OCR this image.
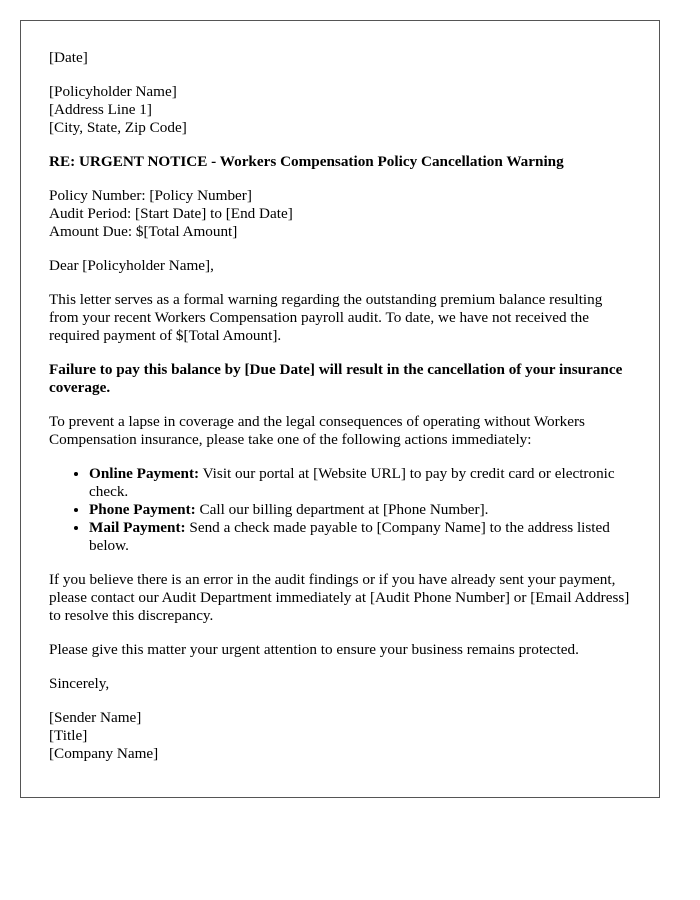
[Date]
[Policyholder Name]
[Address Line 1]
[City, State, Zip Code]
RE: URGENT NOTICE - Workers Compensation Policy Cancellation Warning
Policy Number: [Policy Number]
Audit Period: [Start Date] to [End Date]
Amount Due: $[Total Amount]
Dear [Policyholder Name],
This letter serves as a formal warning regarding the outstanding premium balance resulting from your recent Workers Compensation payroll audit. To date, we have not received the required payment of $[Total Amount].
Failure to pay this balance by [Due Date] will result in the cancellation of your insurance coverage.
To prevent a lapse in coverage and the legal consequences of operating without Workers Compensation insurance, please take one of the following actions immediately:
• Online Payment: Visit our portal at [Website URL] to pay by credit card or electronic check.
• Phone Payment: Call our billing department at [Phone Number].
• Mail Payment: Send a check made payable to [Company Name] to the address listed below.
If you believe there is an error in the audit findings or if you have already sent your payment, please contact our Audit Department immediately at [Audit Phone Number] or [Email Address] to resolve this discrepancy.
Please give this matter your urgent attention to ensure your business remains protected.
Sincerely,
[Sender Name]
[Title]
[Company Name]
